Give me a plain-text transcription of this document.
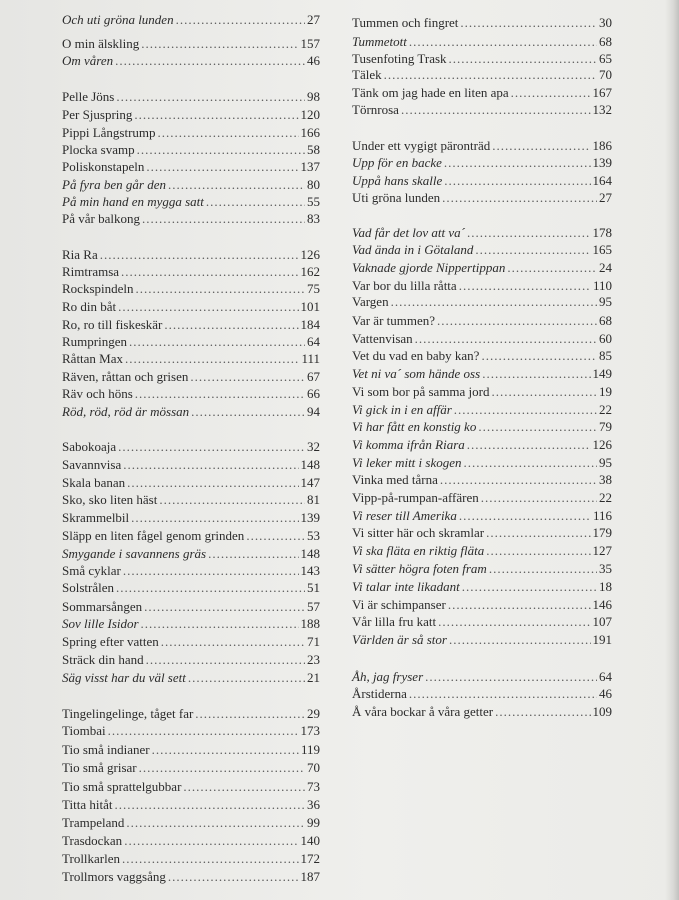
Och uti gröna lunden .....	27
O min älskling .....	157
Om våren .....	46
Pelle Jöns .....	98
Per Sjuspring .....	120
Pippi Långstrump .....	166
Plocka svamp .....	58
Poliskonstapeln .....	137
På fyra ben går den .....	80
På min hand en mygga satt .....	55
På vår balkong .....	83
Ria Ra .....	126
Rimtramsa .....	162
Rockspindeln .....	75
Ro din båt .....	101
Ro, ro till fiskeskär .....	184
Rumpringen .....	64
Råttan Max .....	111
Räven, råttan och grisen .....	67
Räv och höns .....	66
Röd, röd, röd är mössan .....	94
Sabokoaja .....	32
Savannvisa .....	148
Skala banan .....	147
Sko, sko liten häst .....	81
Skrammelbil .....	139
Släpp en liten fågel genom grinden .....	53
Smygande i savannens gräs .....	148
Små cyklar .....	143
Solstrålen .....	51
Sommarsången .....	57
Sov lille Isidor .....	188
Spring efter vatten .....	71
Sträck din hand .....	23
Säg visst har du väl sett .....	21
Tingelingelinge, tåget far .....	29
Tiombai .....	173
Tio små indianer .....	119
Tio små grisar .....	70
Tio små sprattelgubbar .....	73
Titta hitåt .....	36
Trampeland .....	99
Trasdockan .....	140
Trollkarlen .....	172
Trollmors vaggsång .....	187
Tummen och fingret .....	30
Tummetott .....	68
Tusenfoting Trask .....	65
Tälek .....	70
Tänk om jag hade en liten apa .....	167
Törnrosa .....	132
Under ett vygigt päronträd .....	186
Upp för en backe .....	139
Uppå hans skalle .....	164
Uti gröna lunden .....	27
Vad får det lov att va´ .....	178
Vad ända in i Götaland .....	165
Vaknade gjorde Nippertippan .....	24
Var bor du lilla råtta .....	110
Vargen .....	95
Var är tummen? .....	68
Vattenvisan .....	60
Vet du vad en baby kan? .....	85
Vet ni va´ som hände oss .....	149
Vi som bor på samma jord .....	19
Vi gick in i en affär .....	22
Vi har fått en konstig ko .....	79
Vi komma ifrån Riara .....	126
Vi leker mitt i skogen .....	95
Vinka med tårna .....	38
Vipp-på-rumpan-affären .....	22
Vi reser till Amerika .....	116
Vi sitter här och skramlar .....	179
Vi ska fläta en riktig fläta .....	127
Vi sätter högra foten fram .....	35
Vi talar inte likadant .....	18
Vi är schimpanser .....	146
Vår lilla fru katt .....	107
Världen är så stor .....	191
Åh, jag fryser .....	64
Årstiderna .....	46
Å våra bockar å våra getter .....	109
